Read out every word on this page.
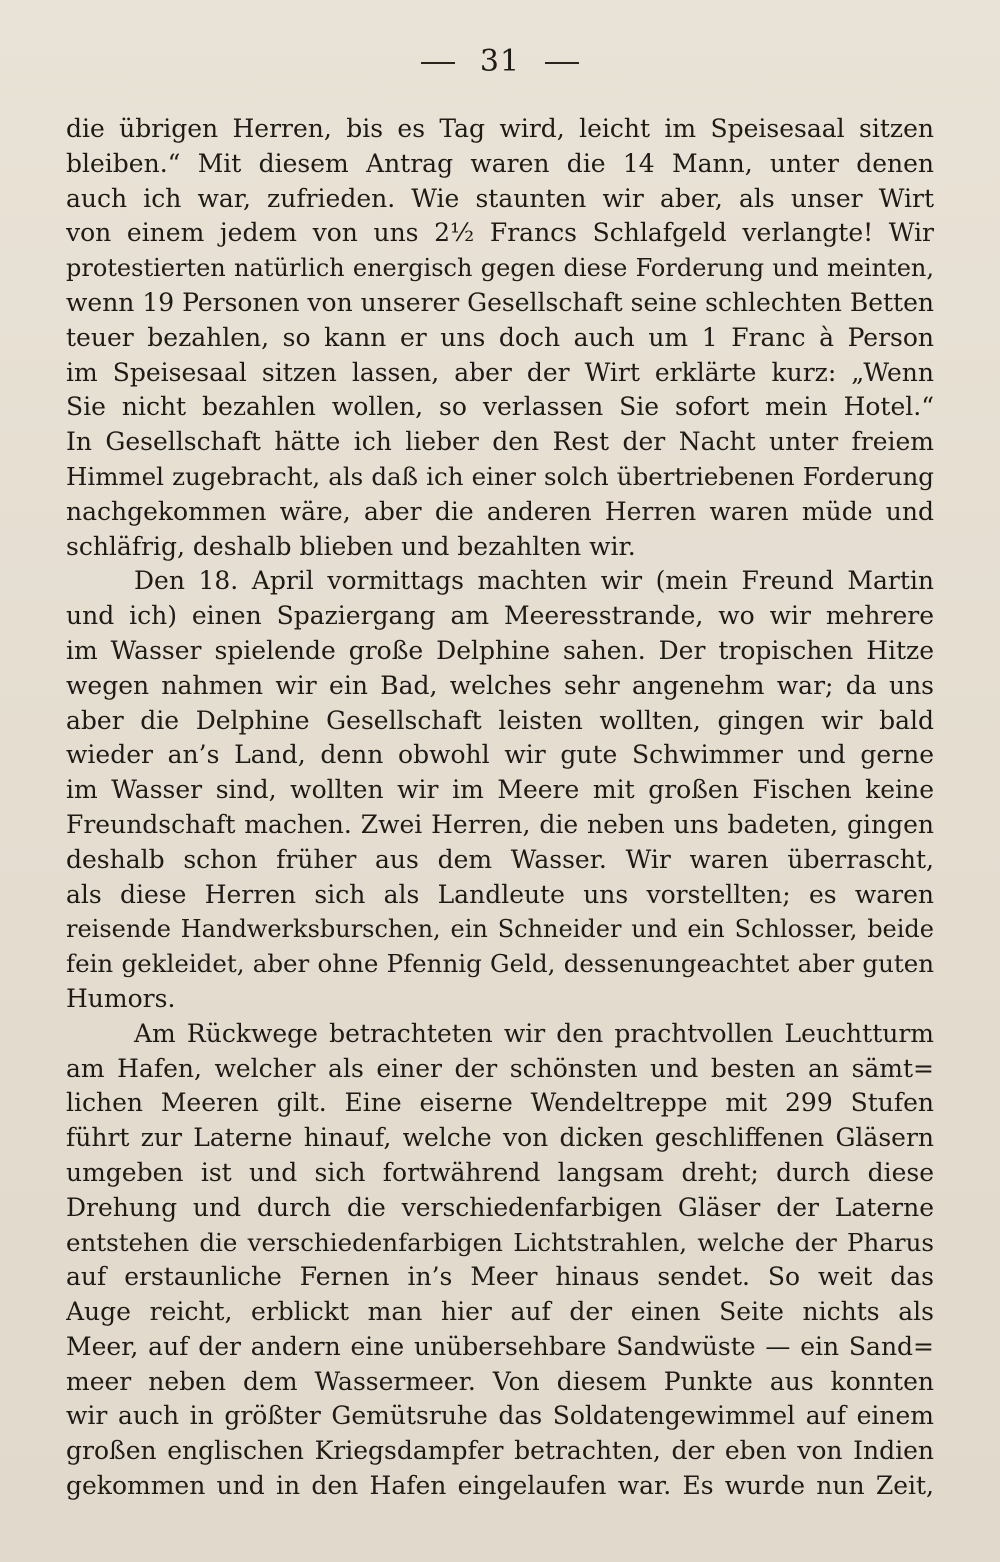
31
die übrigen Herren, bis es Tag wird, leicht im Speisesaal sitzen
bleiben.“ Mit diesem Antrag waren die 14 Mann, unter denen
auch ich war, zufrieden. Wie staunten wir aber, als unser Wirt
von einem jedem von uns 2½ Francs Schlafgeld verlangte! Wir
protestierten natürlich energisch gegen diese Forderung und meinten,
wenn 19 Personen von unserer Gesellschaft seine schlechten Betten
teuer bezahlen, so kann er uns doch auch um 1 Franc à Person
im Speisesaal sitzen lassen, aber der Wirt erklärte kurz: „Wenn
Sie nicht bezahlen wollen, so verlassen Sie sofort mein Hotel.“
In Gesellschaft hätte ich lieber den Rest der Nacht unter freiem
Himmel zugebracht, als daß ich einer solch übertriebenen Forderung
nachgekommen wäre, aber die anderen Herren waren müde und
schläfrig, deshalb blieben und bezahlten wir.
Den 18. April vormittags machten wir (mein Freund Martin
und ich) einen Spaziergang am Meeresstrande, wo wir mehrere
im Wasser spielende große Delphine sahen. Der tropischen Hitze
wegen nahmen wir ein Bad, welches sehr angenehm war; da uns
aber die Delphine Gesellschaft leisten wollten, gingen wir bald
wieder an’s Land, denn obwohl wir gute Schwimmer und gerne
im Wasser sind, wollten wir im Meere mit großen Fischen keine
Freundschaft machen. Zwei Herren, die neben uns badeten, gingen
deshalb schon früher aus dem Wasser. Wir waren überrascht,
als diese Herren sich als Landleute uns vorstellten; es waren
reisende Handwerksburschen, ein Schneider und ein Schlosser, beide
fein gekleidet, aber ohne Pfennig Geld, dessenungeachtet aber guten
Humors.
Am Rückwege betrachteten wir den prachtvollen Leuchtturm
am Hafen, welcher als einer der schönsten und besten an sämt=
lichen Meeren gilt. Eine eiserne Wendeltreppe mit 299 Stufen
führt zur Laterne hinauf, welche von dicken geschliffenen Gläsern
umgeben ist und sich fortwährend langsam dreht; durch diese
Drehung und durch die verschiedenfarbigen Gläser der Laterne
entstehen die verschiedenfarbigen Lichtstrahlen, welche der Pharus
auf erstaunliche Fernen in’s Meer hinaus sendet. So weit das
Auge reicht, erblickt man hier auf der einen Seite nichts als
Meer, auf der andern eine unübersehbare Sandwüste — ein Sand=
meer neben dem Wassermeer. Von diesem Punkte aus konnten
wir auch in größter Gemütsruhe das Soldatengewimmel auf einem
großen englischen Kriegsdampfer betrachten, der eben von Indien
gekommen und in den Hafen eingelaufen war. Es wurde nun Zeit,
